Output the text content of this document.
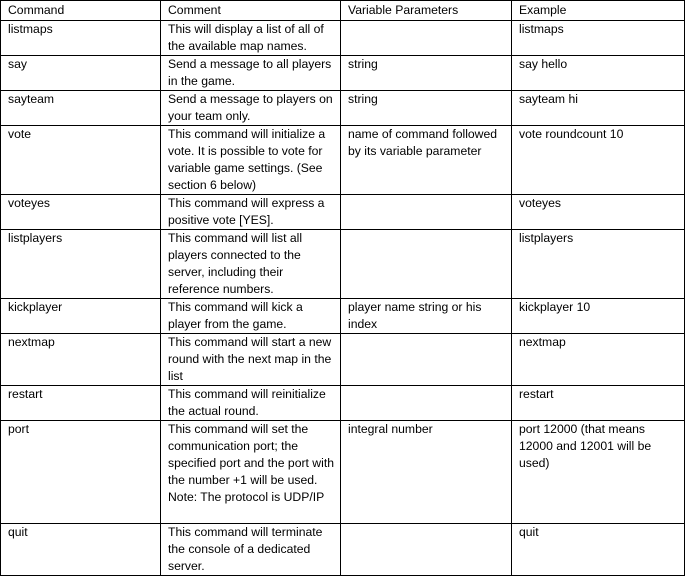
Command	Comment	Variable Parameters	Example
listmaps	This will display a list of all of the available map names.		listmaps
say	Send a message to all players in the game.	string	say hello
sayteam	Send a message to players on your team only.	string	sayteam hi
vote	This command will initialize a vote. It is possible to vote for variable game settings. (See section 6 below)	name of command followed by its variable parameter	vote roundcount 10
voteyes	This command will express a positive vote [YES].		voteyes
listplayers	This command will list all players connected to the server, including their reference numbers.		listplayers
kickplayer	This command will kick a player from the game.	player name string or his index	kickplayer 10
nextmap	This command will start a new round with the next map in the list		nextmap
restart	This command will reinitialize the actual round.		restart
port	This command will set the communication port; the specified port and the port with the number +1 will be used. Note: The protocol is UDP/IP	integral number	port 12000 (that means 12000 and 12001 will be used)
quit	This command will terminate the console of a dedicated server.		quit
